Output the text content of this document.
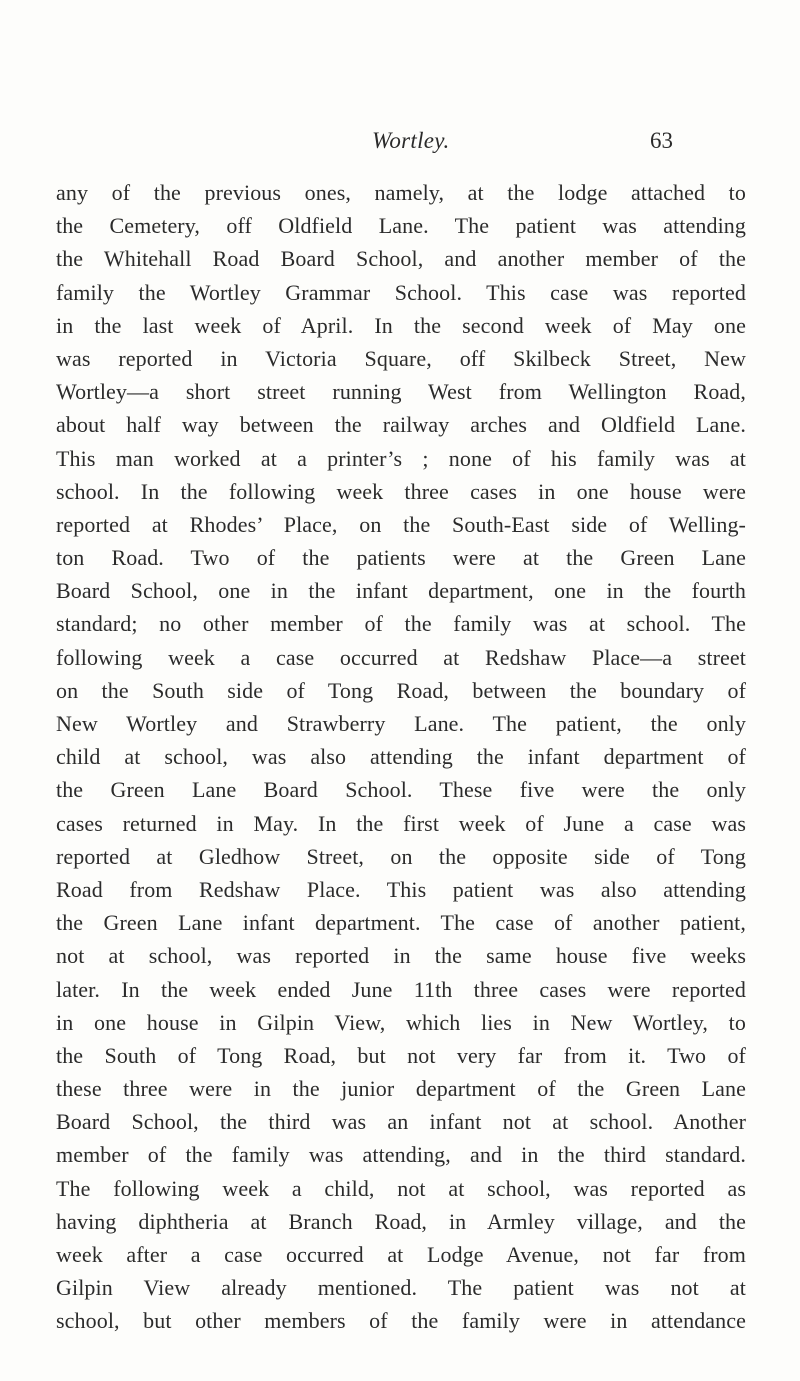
Wortley.	63
any of the previous ones, namely, at the lodge attached to
the Cemetery, off Oldfield Lane. The patient was attending
the Whitehall Road Board School, and another member of the
family the Wortley Grammar School. This case was reported
in the last week of April. In the second week of May one
was reported in Victoria Square, off Skilbeck Street, New
Wortley—a short street running West from Wellington Road,
about half way between the railway arches and Oldfield Lane.
This man worked at a printer’s ; none of his family was at
school. In the following week three cases in one house were
reported at Rhodes’ Place, on the South-East side of Welling-
ton Road. Two of the patients were at the Green Lane
Board School, one in the infant department, one in the fourth
standard; no other member of the family was at school. The
following week a case occurred at Redshaw Place—a street
on the South side of Tong Road, between the boundary of
New Wortley and Strawberry Lane. The patient, the only
child at school, was also attending the infant department of
the Green Lane Board School. These five were the only
cases returned in May. In the first week of June a case was
reported at Gledhow Street, on the opposite side of Tong
Road from Redshaw Place. This patient was also attending
the Green Lane infant department. The case of another patient,
not at school, was reported in the same house five weeks
later. In the week ended June 11th three cases were reported
in one house in Gilpin View, which lies in New Wortley, to
the South of Tong Road, but not very far from it. Two of
these three were in the junior department of the Green Lane
Board School, the third was an infant not at school. Another
member of the family was attending, and in the third standard.
The following week a child, not at school, was reported as
having diphtheria at Branch Road, in Armley village, and the
week after a case occurred at Lodge Avenue, not far from
Gilpin View already mentioned. The patient was not at
school, but other members of the family were in attendance
